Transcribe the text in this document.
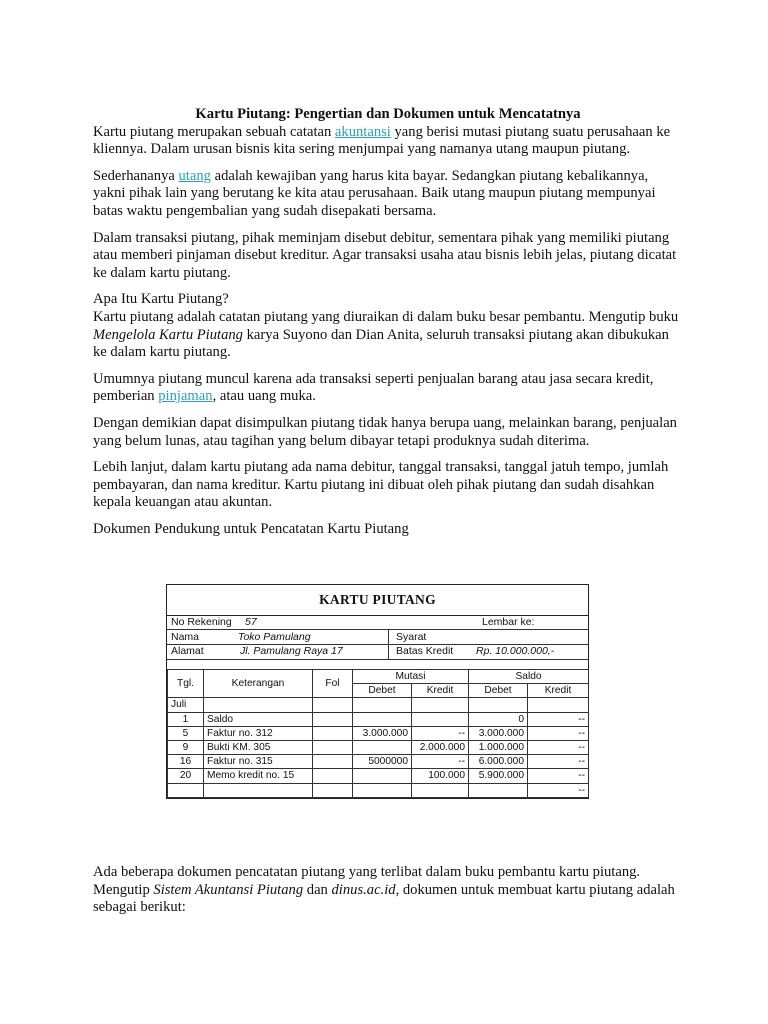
Kartu Piutang: Pengertian dan Dokumen untuk Mencatatnya

Kartu piutang merupakan sebuah catatan akuntansi yang berisi mutasi piutang suatu perusahaan ke kliennya. Dalam urusan bisnis kita sering menjumpai yang namanya utang maupun piutang.

Sederhananya utang adalah kewajiban yang harus kita bayar. Sedangkan piutang kebalikannya, yakni pihak lain yang berutang ke kita atau perusahaan. Baik utang maupun piutang mempunyai batas waktu pengembalian yang sudah disepakati bersama.

Dalam transaksi piutang, pihak meminjam disebut debitur, sementara pihak yang memiliki piutang atau memberi pinjaman disebut kreditur. Agar transaksi usaha atau bisnis lebih jelas, piutang dicatat ke dalam kartu piutang.

Apa Itu Kartu Piutang?

Kartu piutang adalah catatan piutang yang diuraikan di dalam buku besar pembantu. Mengutip buku Mengelola Kartu Piutang karya Suyono dan Dian Anita, seluruh transaksi piutang akan dibukukan ke dalam kartu piutang.

Umumnya piutang muncul karena ada transaksi seperti penjualan barang atau jasa secara kredit, pemberian pinjaman, atau uang muka.

Dengan demikian dapat disimpulkan piutang tidak hanya berupa uang, melainkan barang, penjualan yang belum lunas, atau tagihan yang belum dibayar tetapi produknya sudah diterima.

Lebih lanjut, dalam kartu piutang ada nama debitur, tanggal transaksi, tanggal jatuh tempo, jumlah pembayaran, dan nama kreditur. Kartu piutang ini dibuat oleh pihak piutang dan sudah disahkan kepala keuangan atau akuntan.

Dokumen Pendukung untuk Pencatatan Kartu Piutang

KARTU PIUTANG
No Rekening 57	Lembar ke:
Nama	Toko Pamulang	Syarat
Alamat	Jl. Pamulang Raya 17	Batas Kredit Rp. 10.000.000,-
Tgl.	Keterangan	Fol	Mutasi		Saldo	
			Debet	Kredit	Debet	Kredit
Juli						
1	Saldo				0	--
5	Faktur no. 312		3.000.000	--	3.000.000	--
9	Bukti KM. 305			2.000.000	1.000.000	--
16	Faktur no. 315		5000000	--	6.000.000	--
20	Memo kredit no. 15			100.000	5.900.000	--
						--

Ada beberapa dokumen pencatatan piutang yang terlibat dalam buku pembantu kartu piutang.

Mengutip Sistem Akuntansi Piutang dan dinus.ac.id, dokumen untuk membuat kartu piutang adalah sebagai berikut:
